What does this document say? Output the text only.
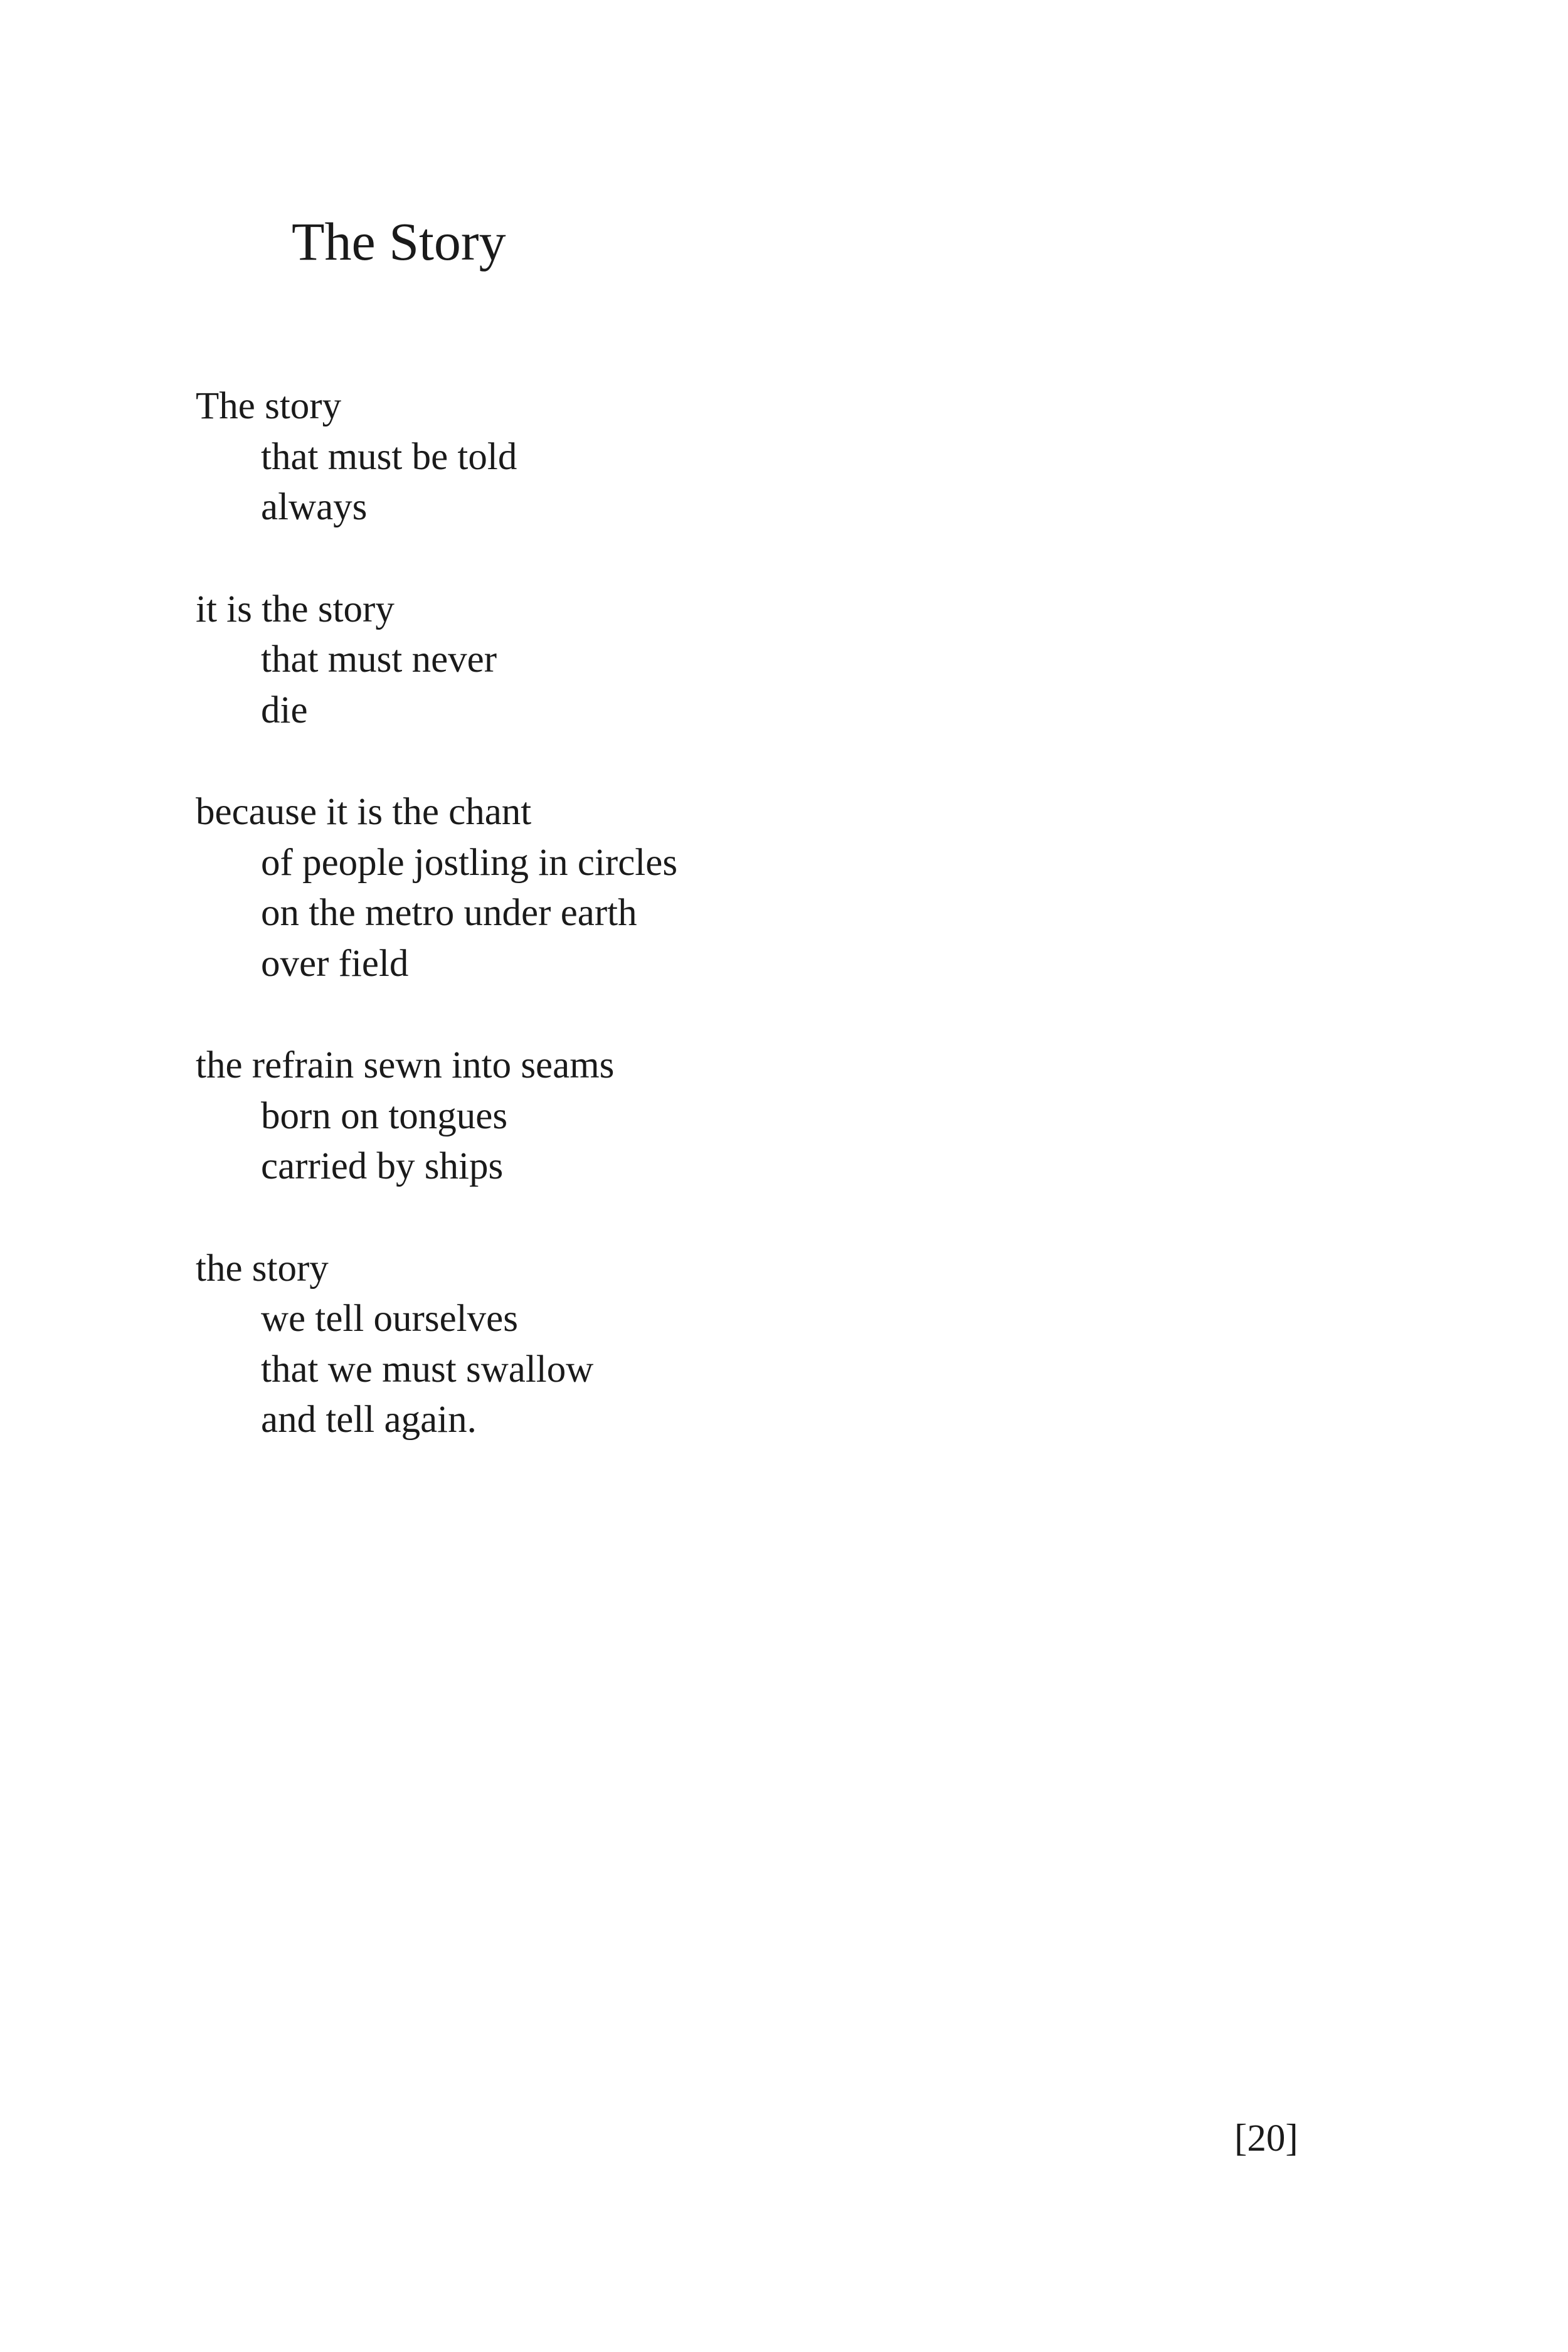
The Story
The story
that must be told
always
it is the story
that must never
die
because it is the chant
of people jostling in circles
on the metro under earth
over field
the refrain sewn into seams
born on tongues
carried by ships
the story
we tell ourselves
that we must swallow
and tell again.
[20]
